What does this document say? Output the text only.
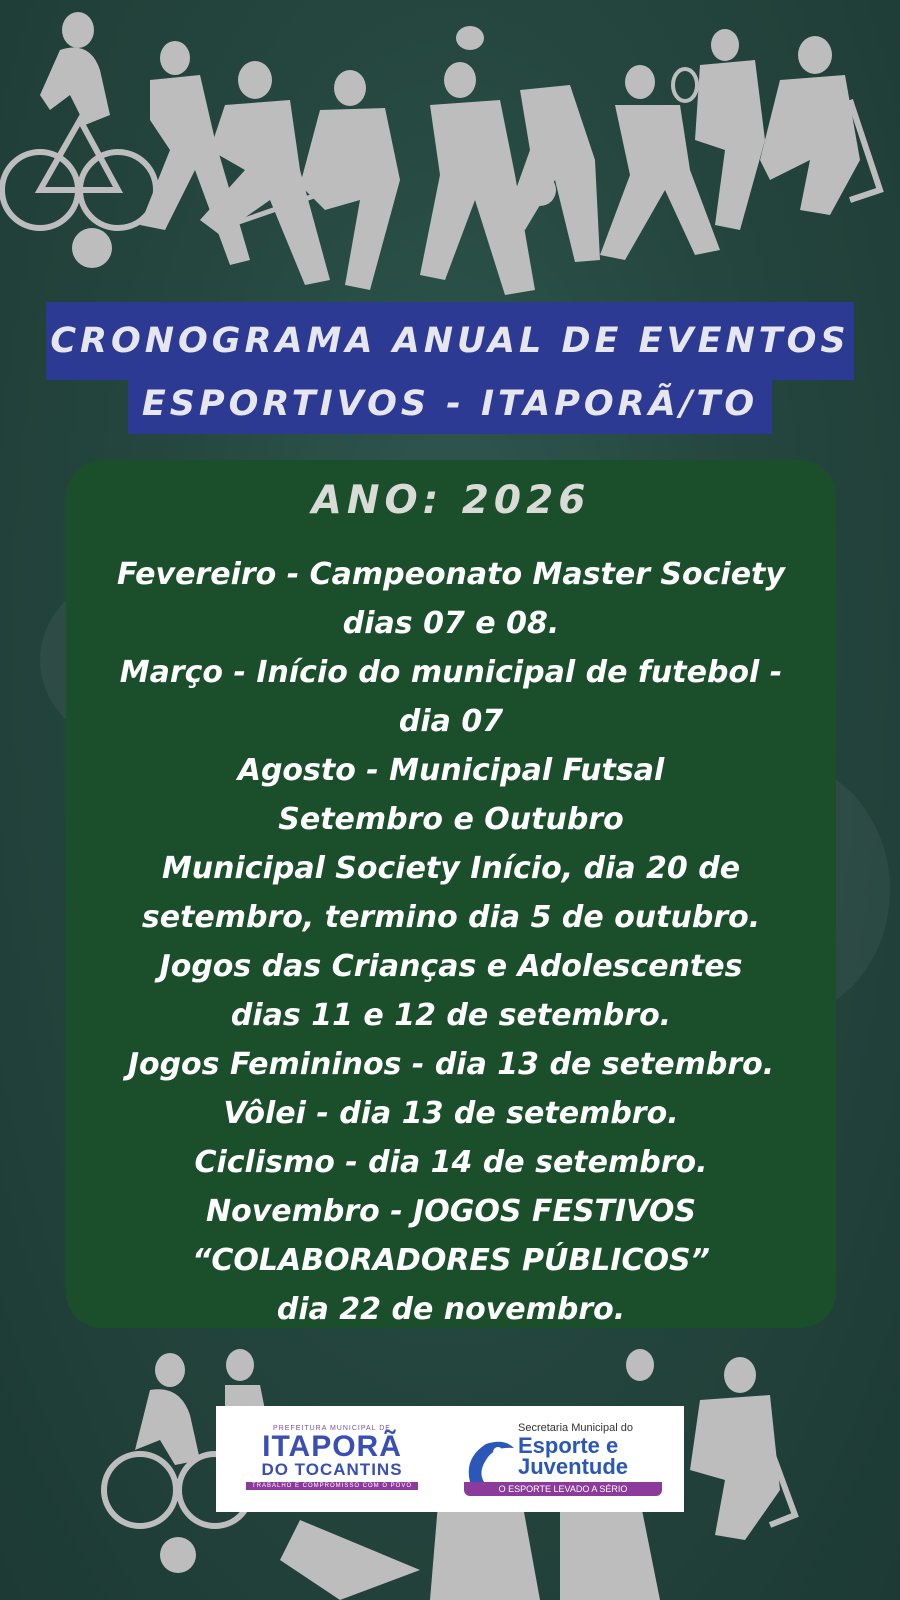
CRONOGRAMA ANUAL DE EVENTOS
ESPORTIVOS - ITAPORÃ/TO
ANO: 2026
Fevereiro - Campeonato Master Society
dias 07 e 08.
Março - Início do municipal de futebol -
dia 07
Agosto - Municipal Futsal
Setembro e Outubro
Municipal Society Início, dia 20 de
setembro, termino dia 5 de outubro.
Jogos das Crianças e Adolescentes
dias 11 e 12 de setembro.
Jogos Femininos - dia 13 de setembro.
Vôlei - dia 13 de setembro.
Ciclismo - dia 14 de setembro.
Novembro - JOGOS FESTIVOS
“COLABORADORES PÚBLICOS”
dia 22 de novembro.
PREFEITURA MUNICIPAL DE
ITAPORÃ
DO TOCANTINS
TRABALHO E COMPROMISSO COM O POVO
Secretaria Municipal do
Esporte e
Juventude
O ESPORTE LEVADO A SÉRIO
